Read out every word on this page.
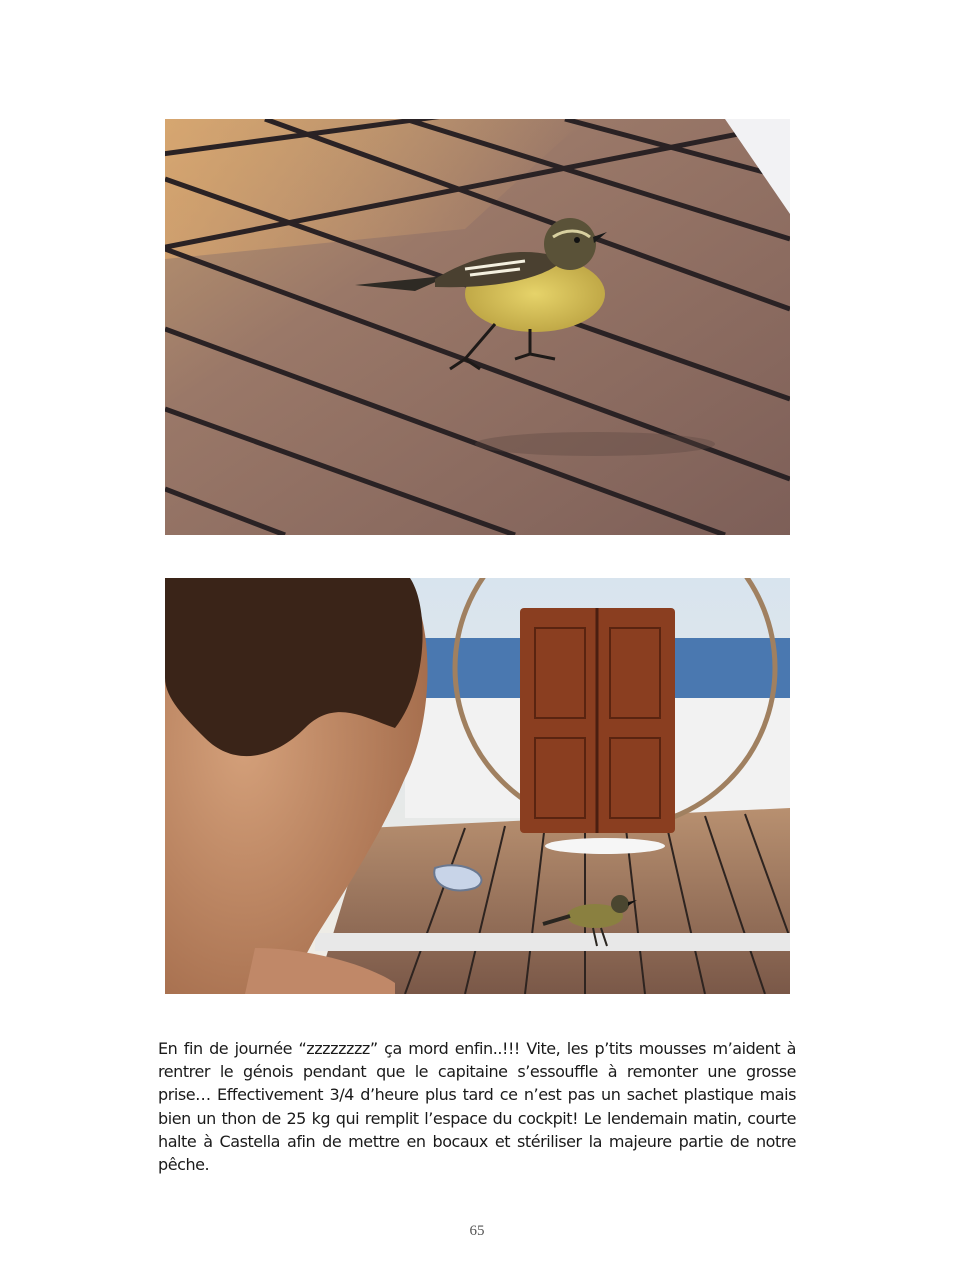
En fin de journée “zzzzzzzz” ça mord enfin..!!! Vite, les p’tits mousses m’aident à rentrer le génois pendant que le capitaine s’essouffle à remonter une grosse prise… Effectivement 3/4 d’heure plus tard ce n’est pas un sachet plastique mais bien un thon de 25 kg qui remplit l’espace du cockpit! Le lendemain matin, courte halte à Castella afin de mettre en bocaux et stériliser la majeure partie de notre pêche.

65
